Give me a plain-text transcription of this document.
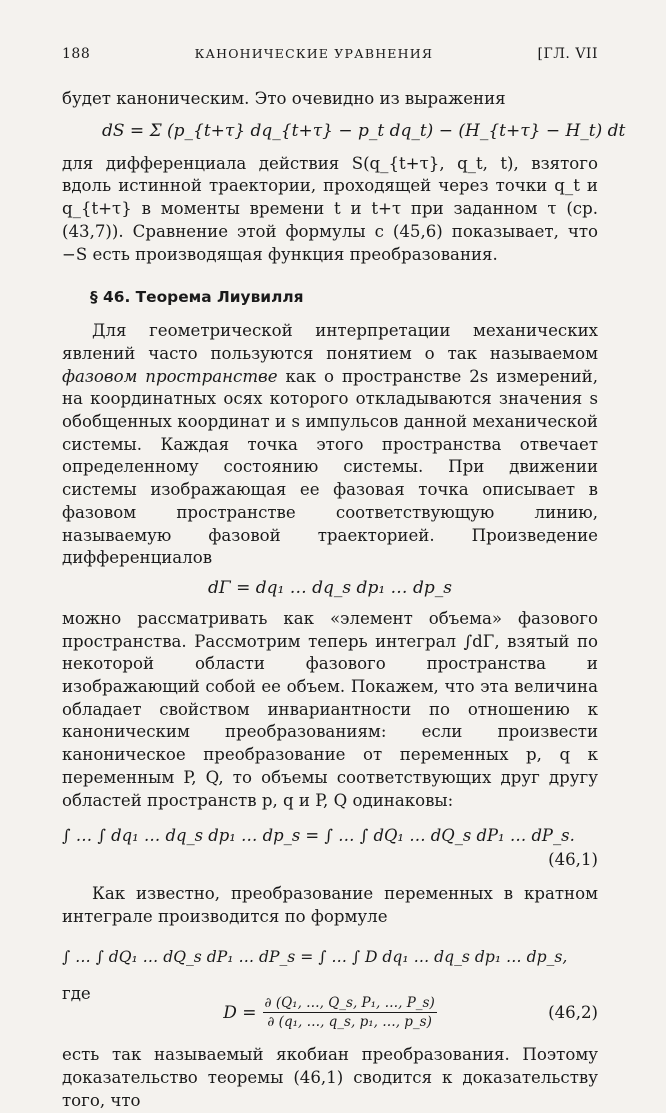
188	КАНОНИЧЕСКИЕ УРАВНЕНИЯ	[ГЛ. VII

будет каноническим. Это очевидно из выражения

dS = Σ (p_{t+τ} dq_{t+τ} − p_t dq_t) − (H_{t+τ} − H_t) dt

для дифференциала действия S(q_{t+τ}, q_t, t), взятого вдоль истинной траектории, проходящей через точки q_t и q_{t+τ} в моменты времени t и t+τ при заданном τ (ср. (43,7)). Сравнение этой формулы с (45,6) показывает, что −S есть производящая функция преобразования.

§ 46. Теорема Лиувилля

Для геометрической интерпретации механических явлений часто пользуются понятием о так называемом фазовом пространстве как о пространстве 2s измерений, на координатных осях которого откладываются значения s обобщенных координат и s импульсов данной механической системы. Каждая точка этого пространства отвечает определенному состоянию системы. При движении системы изображающая ее фазовая точка описывает в фазовом пространстве соответствующую линию, называемую фазовой траекторией. Произведение дифференциалов

dΓ = dq₁ … dq_s dp₁ … dp_s

можно рассматривать как «элемент объема» фазового пространства. Рассмотрим теперь интеграл ∫dΓ, взятый по некоторой области фазового пространства и изображающий собой ее объем. Покажем, что эта величина обладает свойством инвариантности по отношению к каноническим преобразованиям: если произвести каноническое преобразование от переменных p, q к переменным P, Q, то объемы соответствующих друг другу областей пространств p, q и P, Q одинаковы:

∫ … ∫ dq₁ … dq_s dp₁ … dp_s = ∫ … ∫ dQ₁ … dQ_s dP₁ … dP_s.
(46,1)

Как известно, преобразование переменных в кратном интеграле производится по формуле

∫ … ∫ dQ₁ … dQ_s dP₁ … dP_s = ∫ … ∫ D dq₁ … dq_s dp₁ … dp_s,

где

$D = \frac{\text{∂ (Q₁, …, Q\_s, P₁, …, P\_s)}}{\text{∂ (q₁, …, q\_s, p₁, …, p\_s)}}$	(46,2)

есть так называемый якобиан преобразования. Поэтому доказательство теоремы (46,1) сводится к доказательству того, что
